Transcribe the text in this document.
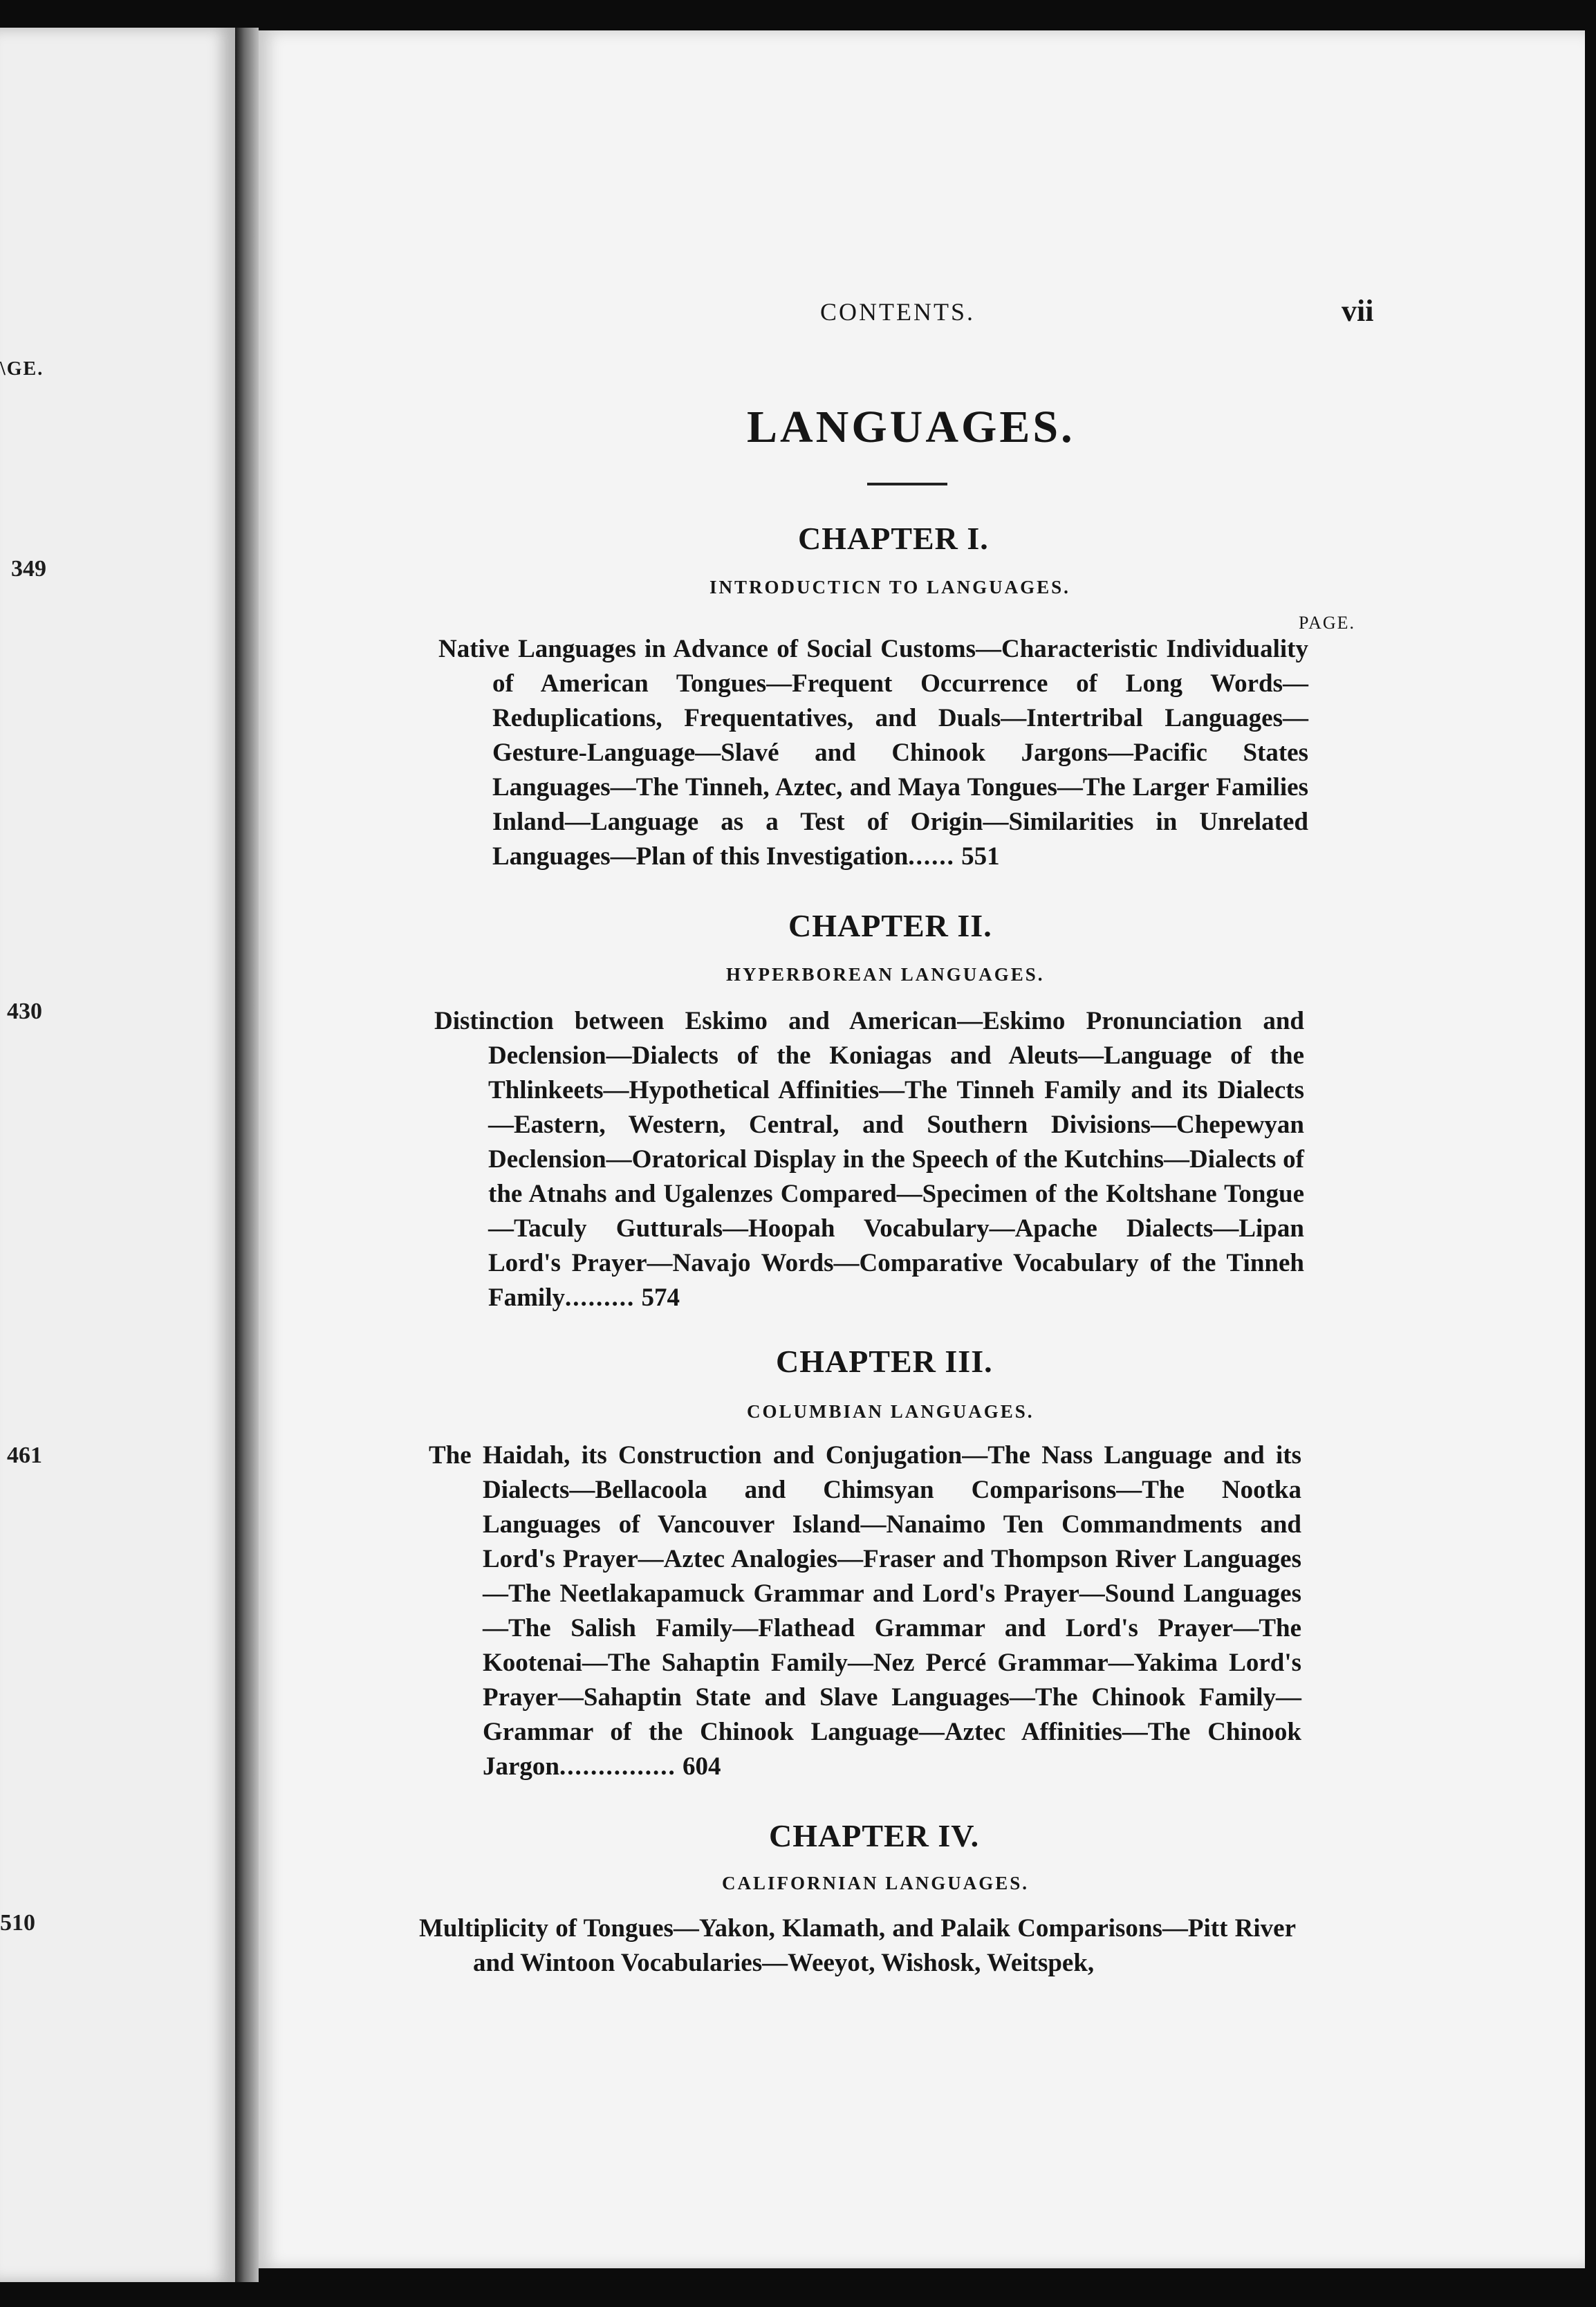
\GE.
349
430
461
510
CONTENTS.	vii
LANGUAGES.
CHAPTER I.
INTRODUCTICN TO LANGUAGES.
PAGE.
Native Languages in Advance of Social Customs—Characteristic Individuality of American Tongues—Frequent Occurrence of Long Words—Reduplications, Frequentatives, and Duals—Intertribal Languages—Gesture-Language—Slavé and Chinook Jargons—Pacific States Languages—The Tinneh, Aztec, and Maya Tongues—The Larger Families Inland—Language as a Test of Origin—Similarities in Unrelated Languages—Plan of this Investigation...... 551
CHAPTER II.
HYPERBOREAN LANGUAGES.
Distinction between Eskimo and American—Eskimo Pronunciation and Declension—Dialects of the Koniagas and Aleuts—Language of the Thlinkeets—Hypothetical Affinities—The Tinneh Family and its Dialects—Eastern, Western, Central, and Southern Divisions—Chepewyan Declension—Oratorical Display in the Speech of the Kutchins—Dialects of the Atnahs and Ugalenzes Compared—Specimen of the Koltshane Tongue—Taculy Gutturals—Hoopah Vocabulary—Apache Dialects—Lipan Lord's Prayer—Navajo Words—Comparative Vocabulary of the Tinneh Family......... 574
CHAPTER III.
COLUMBIAN LANGUAGES.
The Haidah, its Construction and Conjugation—The Nass Language and its Dialects—Bellacoola and Chimsyan Comparisons—The Nootka Languages of Vancouver Island—Nanaimo Ten Commandments and Lord's Prayer—Aztec Analogies—Fraser and Thompson River Languages—The Neetlakapamuck Grammar and Lord's Prayer—Sound Languages—The Salish Family—Flathead Grammar and Lord's Prayer—The Kootenai—The Sahaptin Family—Nez Percé Grammar—Yakima Lord's Prayer—Sahaptin State and Slave Languages—The Chinook Family—Grammar of the Chinook Language—Aztec Affinities—The Chinook Jargon............... 604
CHAPTER IV.
CALIFORNIAN LANGUAGES.
Multiplicity of Tongues—Yakon, Klamath, and Palaik Comparisons—Pitt River and Wintoon Vocabularies—Weeyot, Wishosk, Weitspek,
